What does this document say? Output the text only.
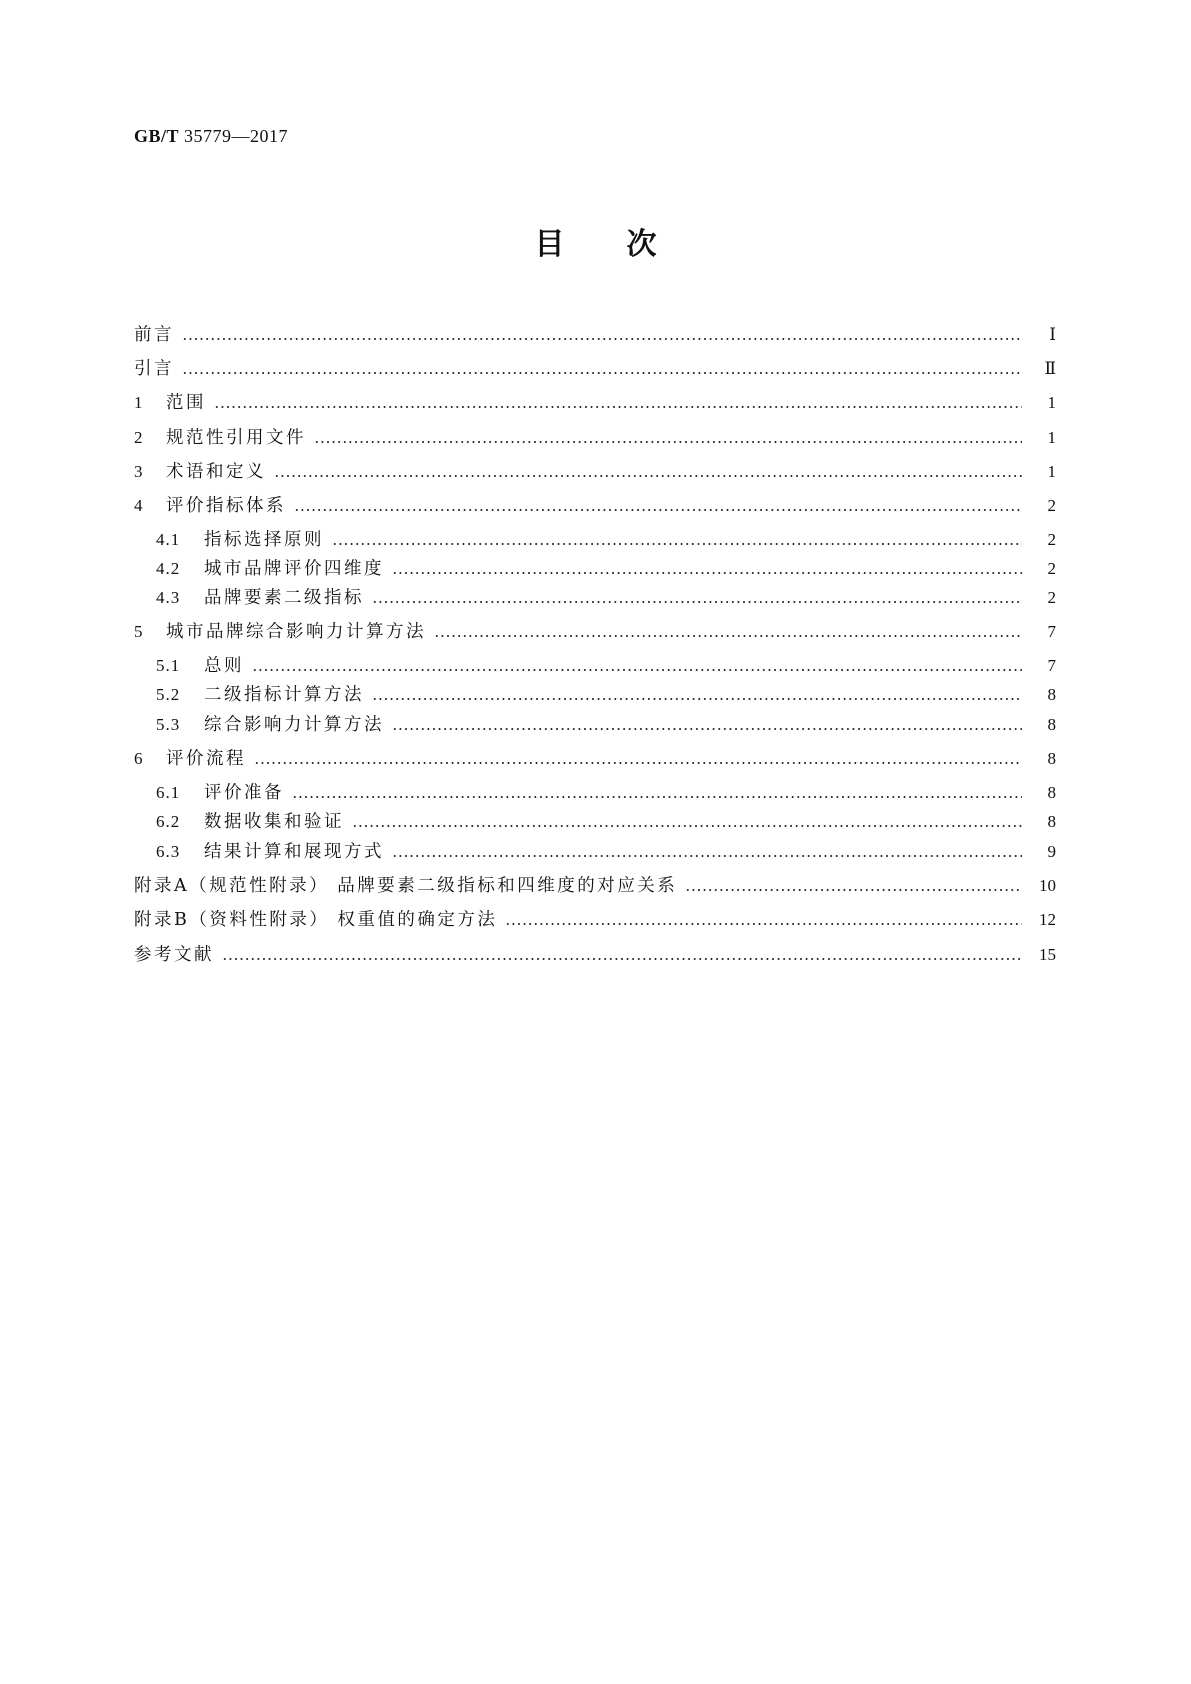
GB/T 35779—2017
目次
前言	Ⅰ
引言	Ⅱ
1	范围	1
2	规范性引用文件	1
3	术语和定义	1
4	评价指标体系	2
4.1	指标选择原则	2
4.2	城市品牌评价四维度	2
4.3	品牌要素二级指标	2
5	城市品牌综合影响力计算方法	7
5.1	总则	7
5.2	二级指标计算方法	8
5.3	综合影响力计算方法	8
6	评价流程	8
6.1	评价准备	8
6.2	数据收集和验证	8
6.3	结果计算和展现方式	9
附录A（规范性附录） 品牌要素二级指标和四维度的对应关系	10
附录B（资料性附录） 权重值的确定方法	12
参考文献	15
